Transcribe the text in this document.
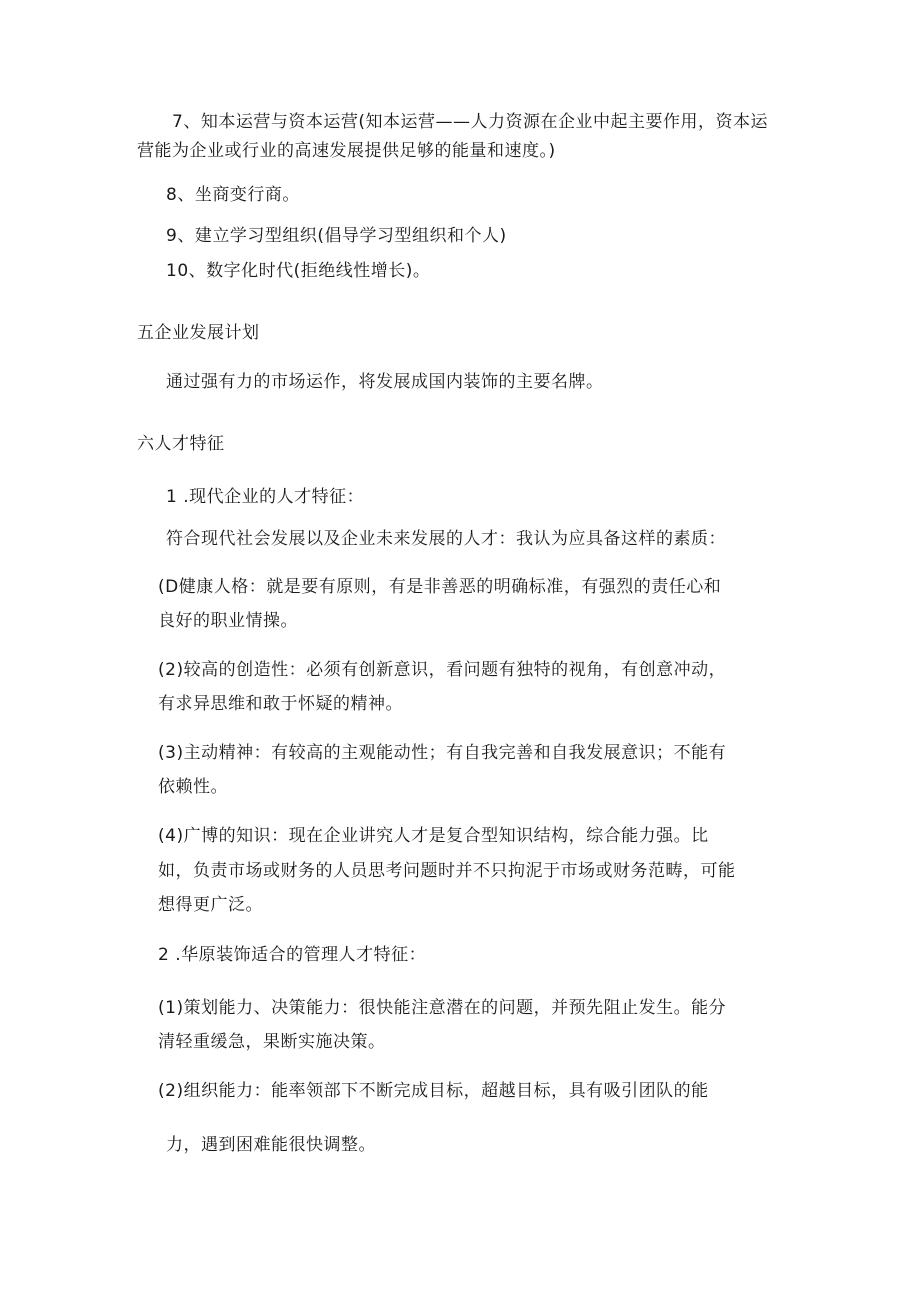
7、知本运营与资本运营(知本运营——人力资源在企业中起主要作用，资本运
营能为企业或行业的高速发展提供足够的能量和速度。)
8、坐商变行商。
9、建立学习型组织(倡导学习型组织和个人)
10、数字化时代(拒绝线性增长)。
五企业发展计划
通过强有力的市场运作，将发展成国内装饰的主要名牌。
六人才特征
1 .现代企业的人才特征：
符合现代社会发展以及企业未来发展的人才：我认为应具备这样的素质：
(D健康人格：就是要有原则，有是非善恶的明确标准，有强烈的责任心和
良好的职业情操。
(2)较高的创造性：必须有创新意识，看问题有独特的视角，有创意冲动，
有求异思维和敢于怀疑的精神。
(3)主动精神：有较高的主观能动性；有自我完善和自我发展意识；不能有
依赖性。
(4)广博的知识：现在企业讲究人才是复合型知识结构，综合能力强。比
如，负责市场或财务的人员思考问题时并不只拘泥于市场或财务范畴，可能
想得更广泛。
2 .华原装饰适合的管理人才特征：
(1)策划能力、决策能力：很快能注意潜在的问题，并预先阻止发生。能分
清轻重缓急，果断实施决策。
(2)组织能力：能率领部下不断完成目标，超越目标，具有吸引团队的能
力，遇到困难能很快调整。
